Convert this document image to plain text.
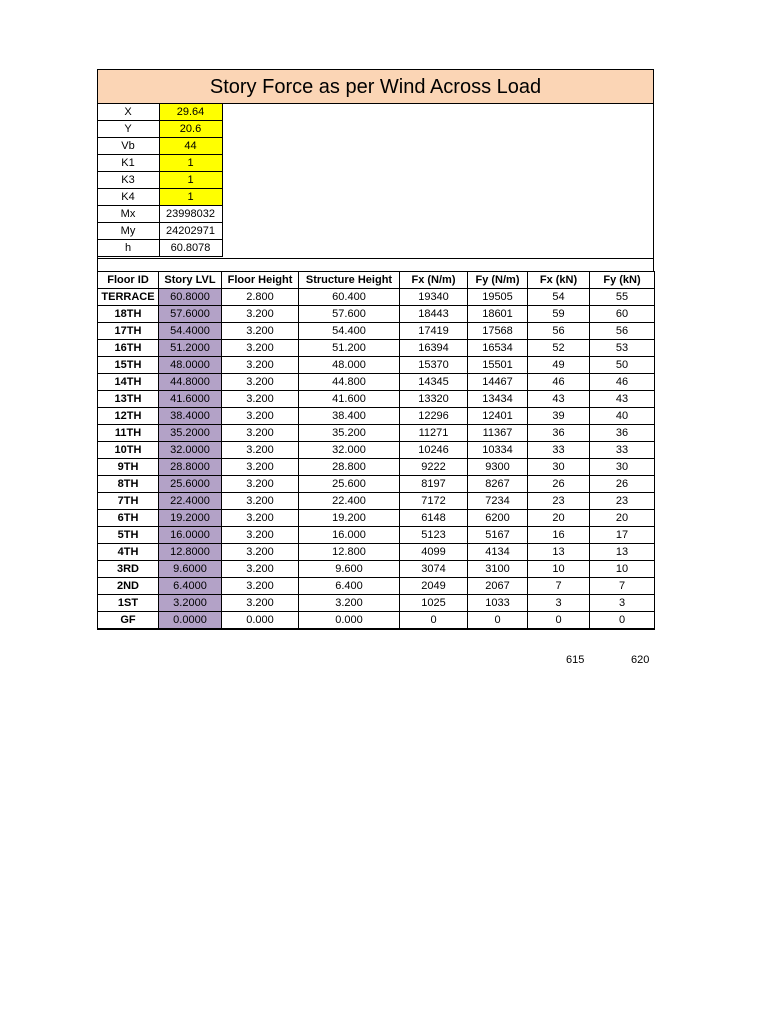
Story Force as per Wind Across Load
X	29.64
Y	20.6
Vb	44
K1	1
K3	1
K4	1
Mx	23998032
My	24202971
h	60.8078
Floor ID	Story LVL	Floor Height	Structure Height	Fx (N/m)	Fy (N/m)	Fx (kN)	Fy (kN)
TERRACE	60.8000	2.800	60.400	19340	19505	54	55
18TH	57.6000	3.200	57.600	18443	18601	59	60
17TH	54.4000	3.200	54.400	17419	17568	56	56
16TH	51.2000	3.200	51.200	16394	16534	52	53
15TH	48.0000	3.200	48.000	15370	15501	49	50
14TH	44.8000	3.200	44.800	14345	14467	46	46
13TH	41.6000	3.200	41.600	13320	13434	43	43
12TH	38.4000	3.200	38.400	12296	12401	39	40
11TH	35.2000	3.200	35.200	11271	11367	36	36
10TH	32.0000	3.200	32.000	10246	10334	33	33
9TH	28.8000	3.200	28.800	9222	9300	30	30
8TH	25.6000	3.200	25.600	8197	8267	26	26
7TH	22.4000	3.200	22.400	7172	7234	23	23
6TH	19.2000	3.200	19.200	6148	6200	20	20
5TH	16.0000	3.200	16.000	5123	5167	16	17
4TH	12.8000	3.200	12.800	4099	4134	13	13
3RD	9.6000	3.200	9.600	3074	3100	10	10
2ND	6.4000	3.200	6.400	2049	2067	7	7
1ST	3.2000	3.200	3.200	1025	1033	3	3
GF	0.0000	0.000	0.000	0	0	0	0
615	620
